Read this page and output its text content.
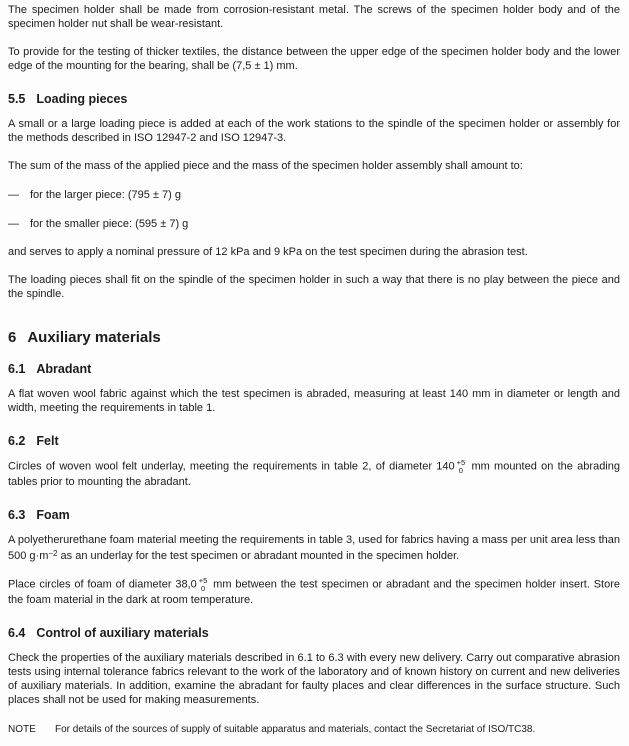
The specimen holder shall be made from corrosion-resistant metal. The screws of the specimen holder body and of the specimen holder nut shall be wear-resistant.

To provide for the testing of thicker textiles, the distance between the upper edge of the specimen holder body and the lower edge of the mounting for the bearing, shall be (7,5 ± 1) mm.

5.5 Loading pieces

A small or a large loading piece is added at each of the work stations to the spindle of the specimen holder or assembly for the methods described in ISO 12947-2 and ISO 12947-3.

The sum of the mass of the applied piece and the mass of the specimen holder assembly shall amount to:

—	for the larger piece: (795 ± 7) g
—	for the smaller piece: (595 ± 7) g

and serves to apply a nominal pressure of 12 kPa and 9 kPa on the test specimen during the abrasion test.

The loading pieces shall fit on the spindle of the specimen holder in such a way that there is no play between the piece and the spindle.

6 Auxiliary materials
6.1 Abradant

A flat woven wool fabric against which the test specimen is abraded, measuring at least 140 mm in diameter or length and width, meeting the requirements in table 1.

6.2 Felt

Circles of woven wool felt underlay, meeting the requirements in table 2, of diameter 140 +5
0 mm mounted on the abrading tables prior to mounting the abradant.

6.3 Foam

A polyetherurethane foam material meeting the requirements in table 3, used for fabrics having a mass per unit area less than 500 $g\cdot m^{-2}$ as an underlay for the test specimen or abradant mounted in the specimen holder.

Place circles of foam of diameter 38,0 +5
0 mm between the test specimen or abradant and the specimen holder insert. Store the foam material in the dark at room temperature.

6.4 Control of auxiliary materials

Check the properties of the auxiliary materials described in 6.1 to 6.3 with every new delivery. Carry out comparative abrasion tests using internal tolerance fabrics relevant to the work of the laboratory and of known history on current and new deliveries of auxiliary materials. In addition, examine the abradant for faulty places and clear differences in the surface structure. Such places shall not be used for making measurements.

NOTE	For details of the sources of supply of suitable apparatus and materials, contact the Secretariat of ISO/TC38.
